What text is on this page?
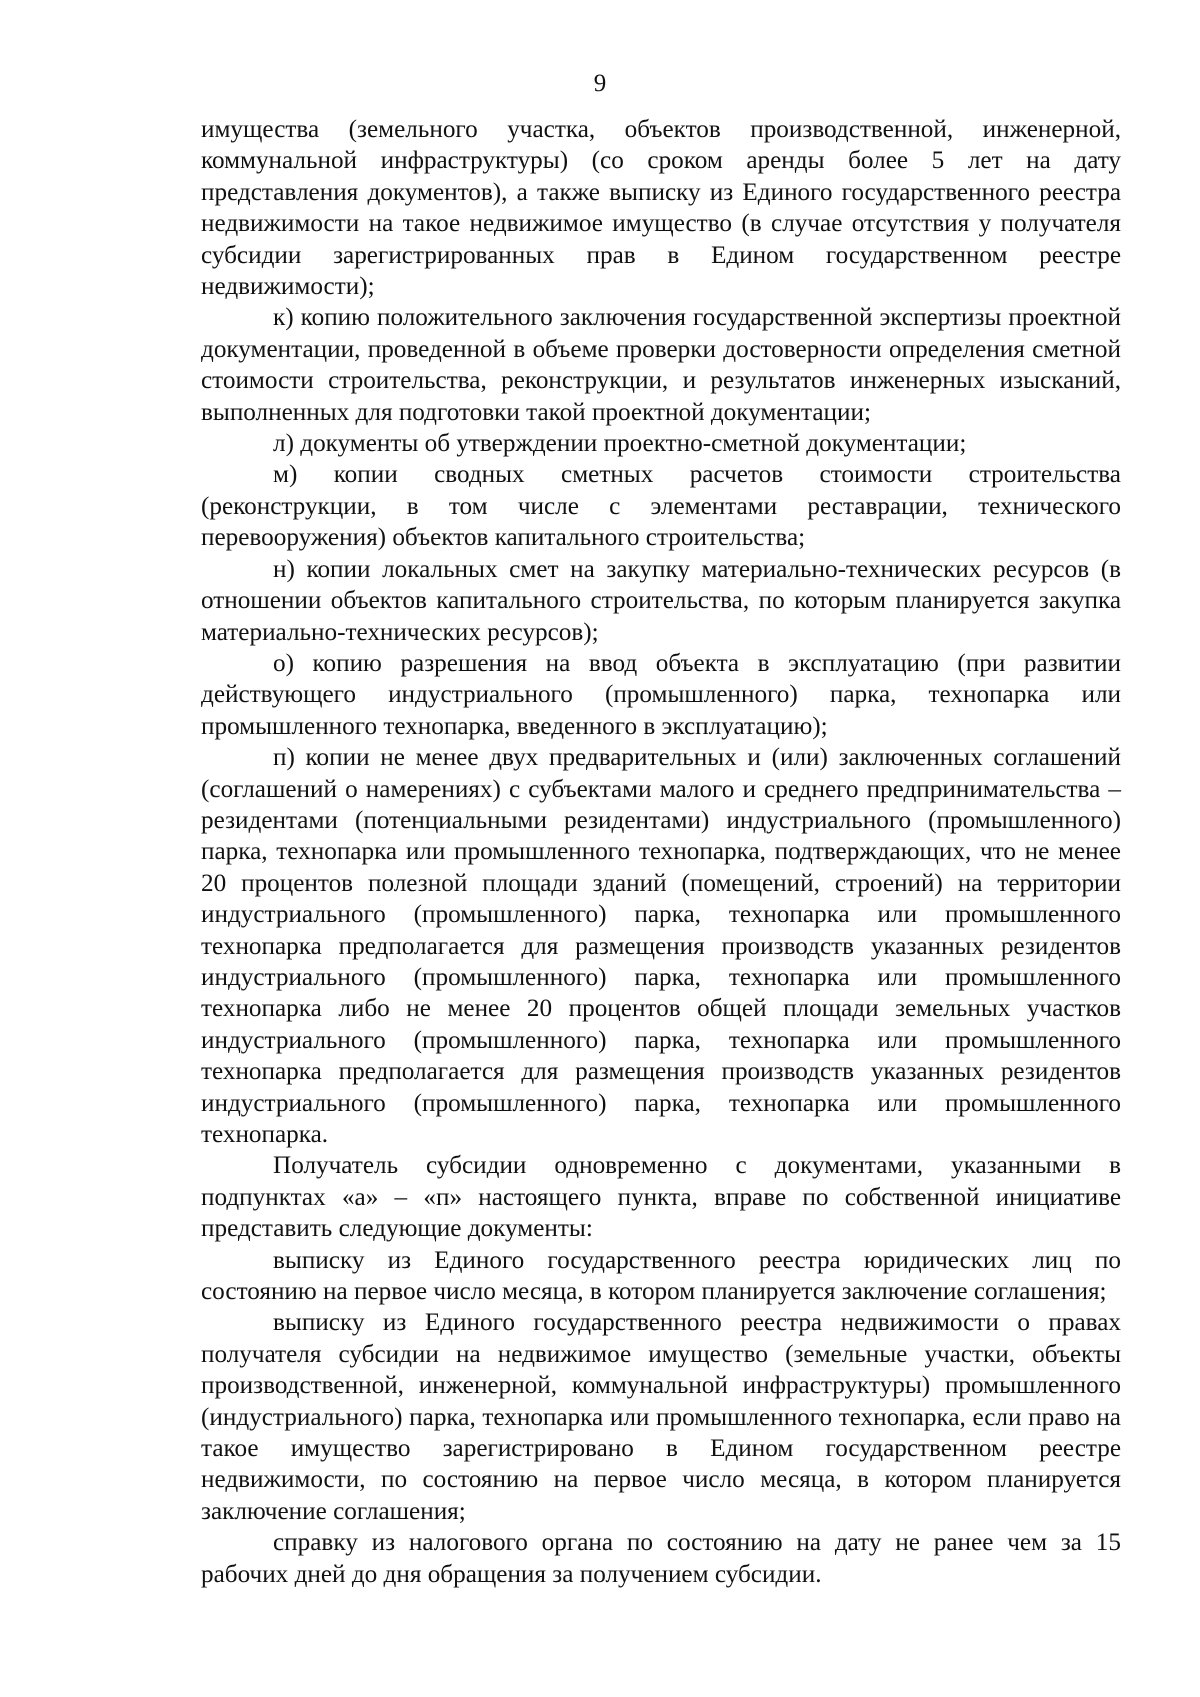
9

имущества (земельного участка, объектов производственной, инженерной, коммунальной инфраструктуры) (со сроком аренды более 5 лет на дату представления документов), а также выписку из Единого государственного реестра недвижимости на такое недвижимое имущество (в случае отсутствия у получателя субсидии зарегистрированных прав в Едином государственном реестре недвижимости);

к) копию положительного заключения государственной экспертизы проектной документации, проведенной в объеме проверки достоверности определения сметной стоимости строительства, реконструкции, и результатов инженерных изысканий, выполненных для подготовки такой проектной документации;

л) документы об утверждении проектно-сметной документации;

м) копии сводных сметных расчетов стоимости строительства (реконструкции, в том числе с элементами реставрации, технического перевооружения) объектов капитального строительства;

н) копии локальных смет на закупку материально-технических ресурсов (в отношении объектов капитального строительства, по которым планируется закупка материально-технических ресурсов);

о) копию разрешения на ввод объекта в эксплуатацию (при развитии действующего индустриального (промышленного) парка, технопарка или промышленного технопарка, введенного в эксплуатацию);

п) копии не менее двух предварительных и (или) заключенных соглашений (соглашений о намерениях) с субъектами малого и среднего предпринимательства – резидентами (потенциальными резидентами) индустриального (промышленного) парка, технопарка или промышленного технопарка, подтверждающих, что не менее 20 процентов полезной площади зданий (помещений, строений) на территории индустриального (промышленного) парка, технопарка или промышленного технопарка предполагается для размещения производств указанных резидентов индустриального (промышленного) парка, технопарка или промышленного технопарка либо не менее 20 процентов общей площади земельных участков индустриального (промышленного) парка, технопарка или промышленного технопарка предполагается для размещения производств указанных резидентов индустриального (промышленного) парка, технопарка или промышленного технопарка.

Получатель субсидии одновременно с документами, указанными в подпунктах «а» – «п» настоящего пункта, вправе по собственной инициативе представить следующие документы:

выписку из Единого государственного реестра юридических лиц по состоянию на первое число месяца, в котором планируется заключение соглашения;

выписку из Единого государственного реестра недвижимости о правах получателя субсидии на недвижимое имущество (земельные участки, объекты производственной, инженерной, коммунальной инфраструктуры) промышленного (индустриального) парка, технопарка или промышленного технопарка, если право на такое имущество зарегистрировано в Едином государственном реестре недвижимости, по состоянию на первое число месяца, в котором планируется заключение соглашения;

справку из налогового органа по состоянию на дату не ранее чем за 15 рабочих дней до дня обращения за получением субсидии.
